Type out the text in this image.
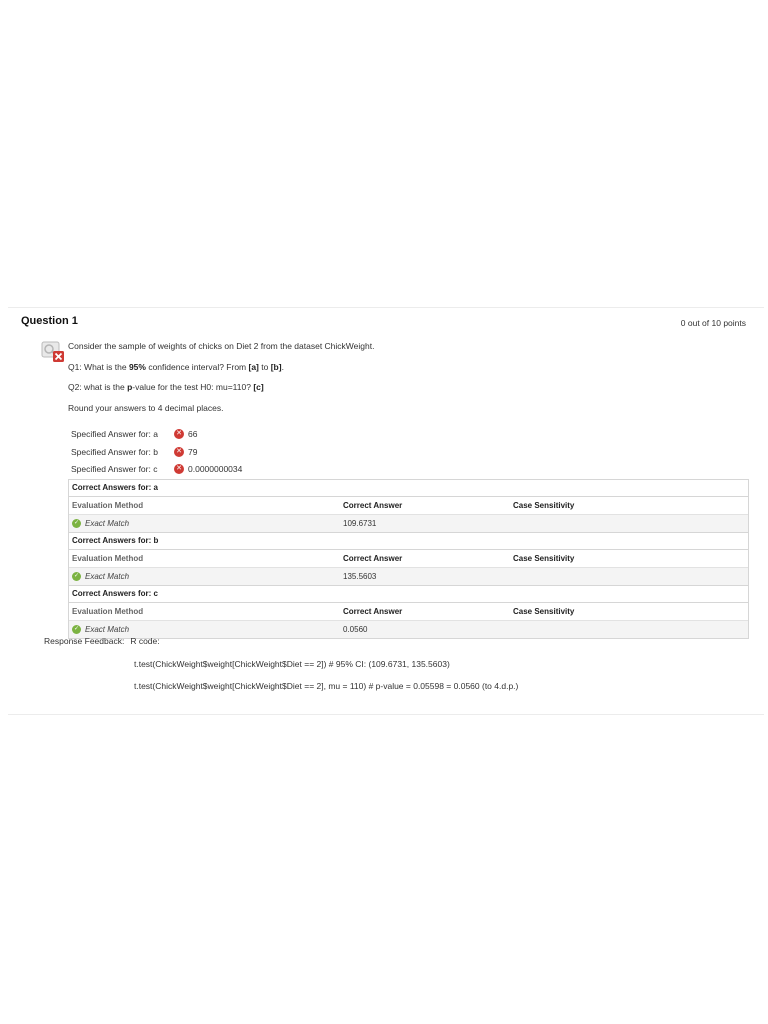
Question 1	0 out of 10 points
Consider the sample of weights of chicks on Diet 2 from the dataset ChickWeight.
Q1: What is the 95% confidence interval? From [a] to [b].
Q2: what is the p-value for the test H0: mu=110? [c]
Round your answers to 4 decimal places.
Specified Answer for: a	✕ 66
Specified Answer for: b	✕ 79
Specified Answer for: c	✕ 0.0000000034
Correct Answers for: a
Evaluation Method	Correct Answer	Case Sensitivity
✓ Exact Match	109.6731
Correct Answers for: b
Evaluation Method	Correct Answer	Case Sensitivity
✓ Exact Match	135.5603
Correct Answers for: c
Evaluation Method	Correct Answer	Case Sensitivity
✓ Exact Match	0.0560
Response Feedback: R code:
t.test(ChickWeight$weight[ChickWeight$Diet == 2]) # 95% CI: (109.6731, 135.5603)
t.test(ChickWeight$weight[ChickWeight$Diet == 2], mu = 110) # p-value = 0.05598 = 0.0560 (to 4.d.p.)
